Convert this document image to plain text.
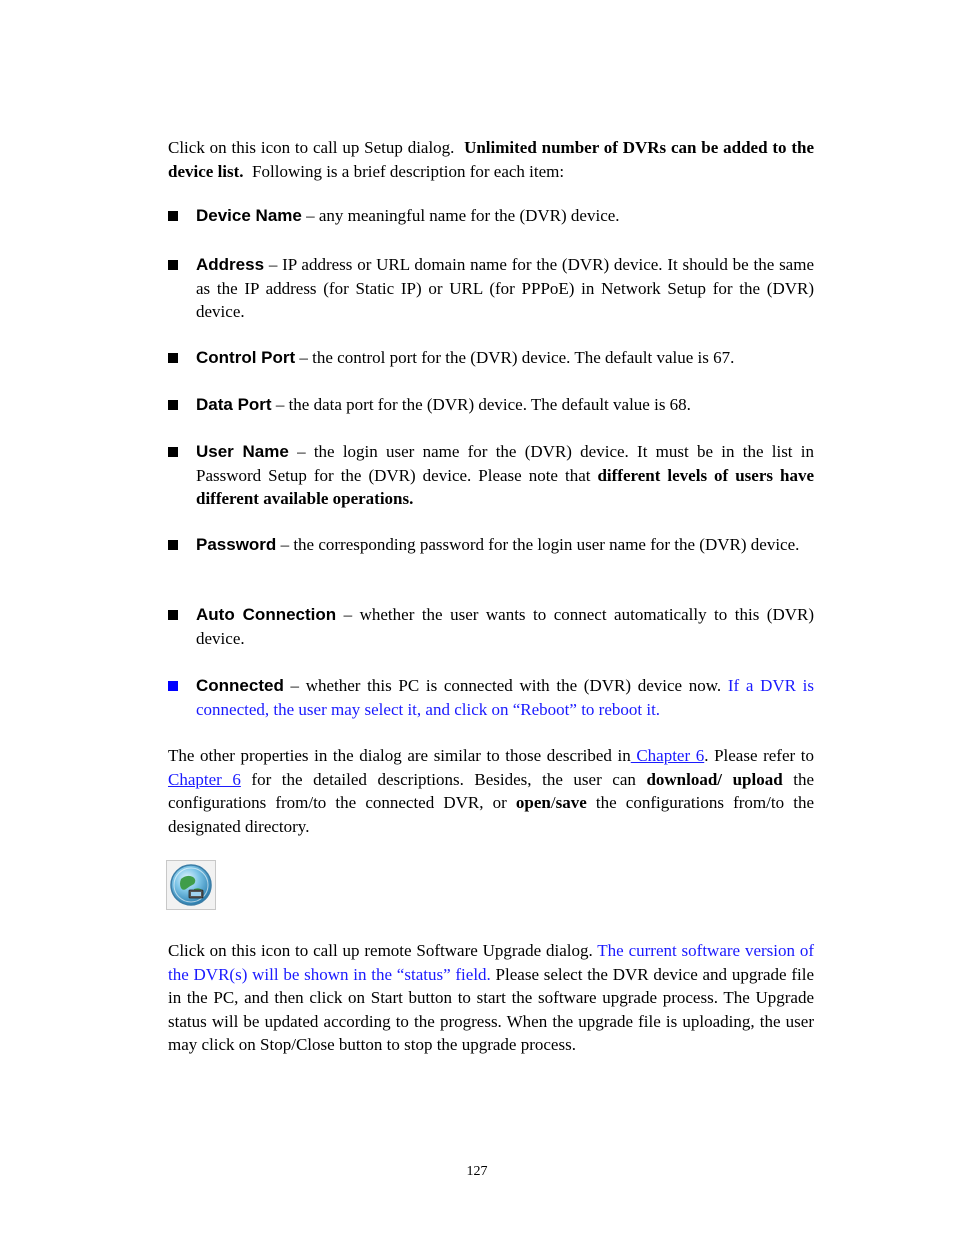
Click on this icon to call up Setup dialog. Unlimited number of DVRs can be added to the device list. Following is a brief description for each item:

Device Name – any meaningful name for the (DVR) device.
Address – IP address or URL domain name for the (DVR) device. It should be the same as the IP address (for Static IP) or URL (for PPPoE) in Network Setup for the (DVR) device.
Control Port – the control port for the (DVR) device. The default value is 67.
Data Port – the data port for the (DVR) device. The default value is 68.
User Name – the login user name for the (DVR) device. It must be in the list in Password Setup for the (DVR) device. Please note that different levels of users have different available operations.
Password – the corresponding password for the login user name for the (DVR) device.
Auto Connection – whether the user wants to connect automatically to this (DVR) device.
Connected – whether this PC is connected with the (DVR) device now. If a DVR is connected, the user may select it, and click on “Reboot” to reboot it.

The other properties in the dialog are similar to those described in Chapter 6. Please refer to Chapter 6 for the detailed descriptions. Besides, the user can download/ upload the configurations from/to the connected DVR, or open/save the configurations from/to the designated directory.

Click on this icon to call up remote Software Upgrade dialog. The current software version of the DVR(s) will be shown in the “status” field. Please select the DVR device and upgrade file in the PC, and then click on Start button to start the software upgrade process. The Upgrade status will be updated according to the progress. When the upgrade file is uploading, the user may click on Stop/Close button to stop the upgrade process.

127
